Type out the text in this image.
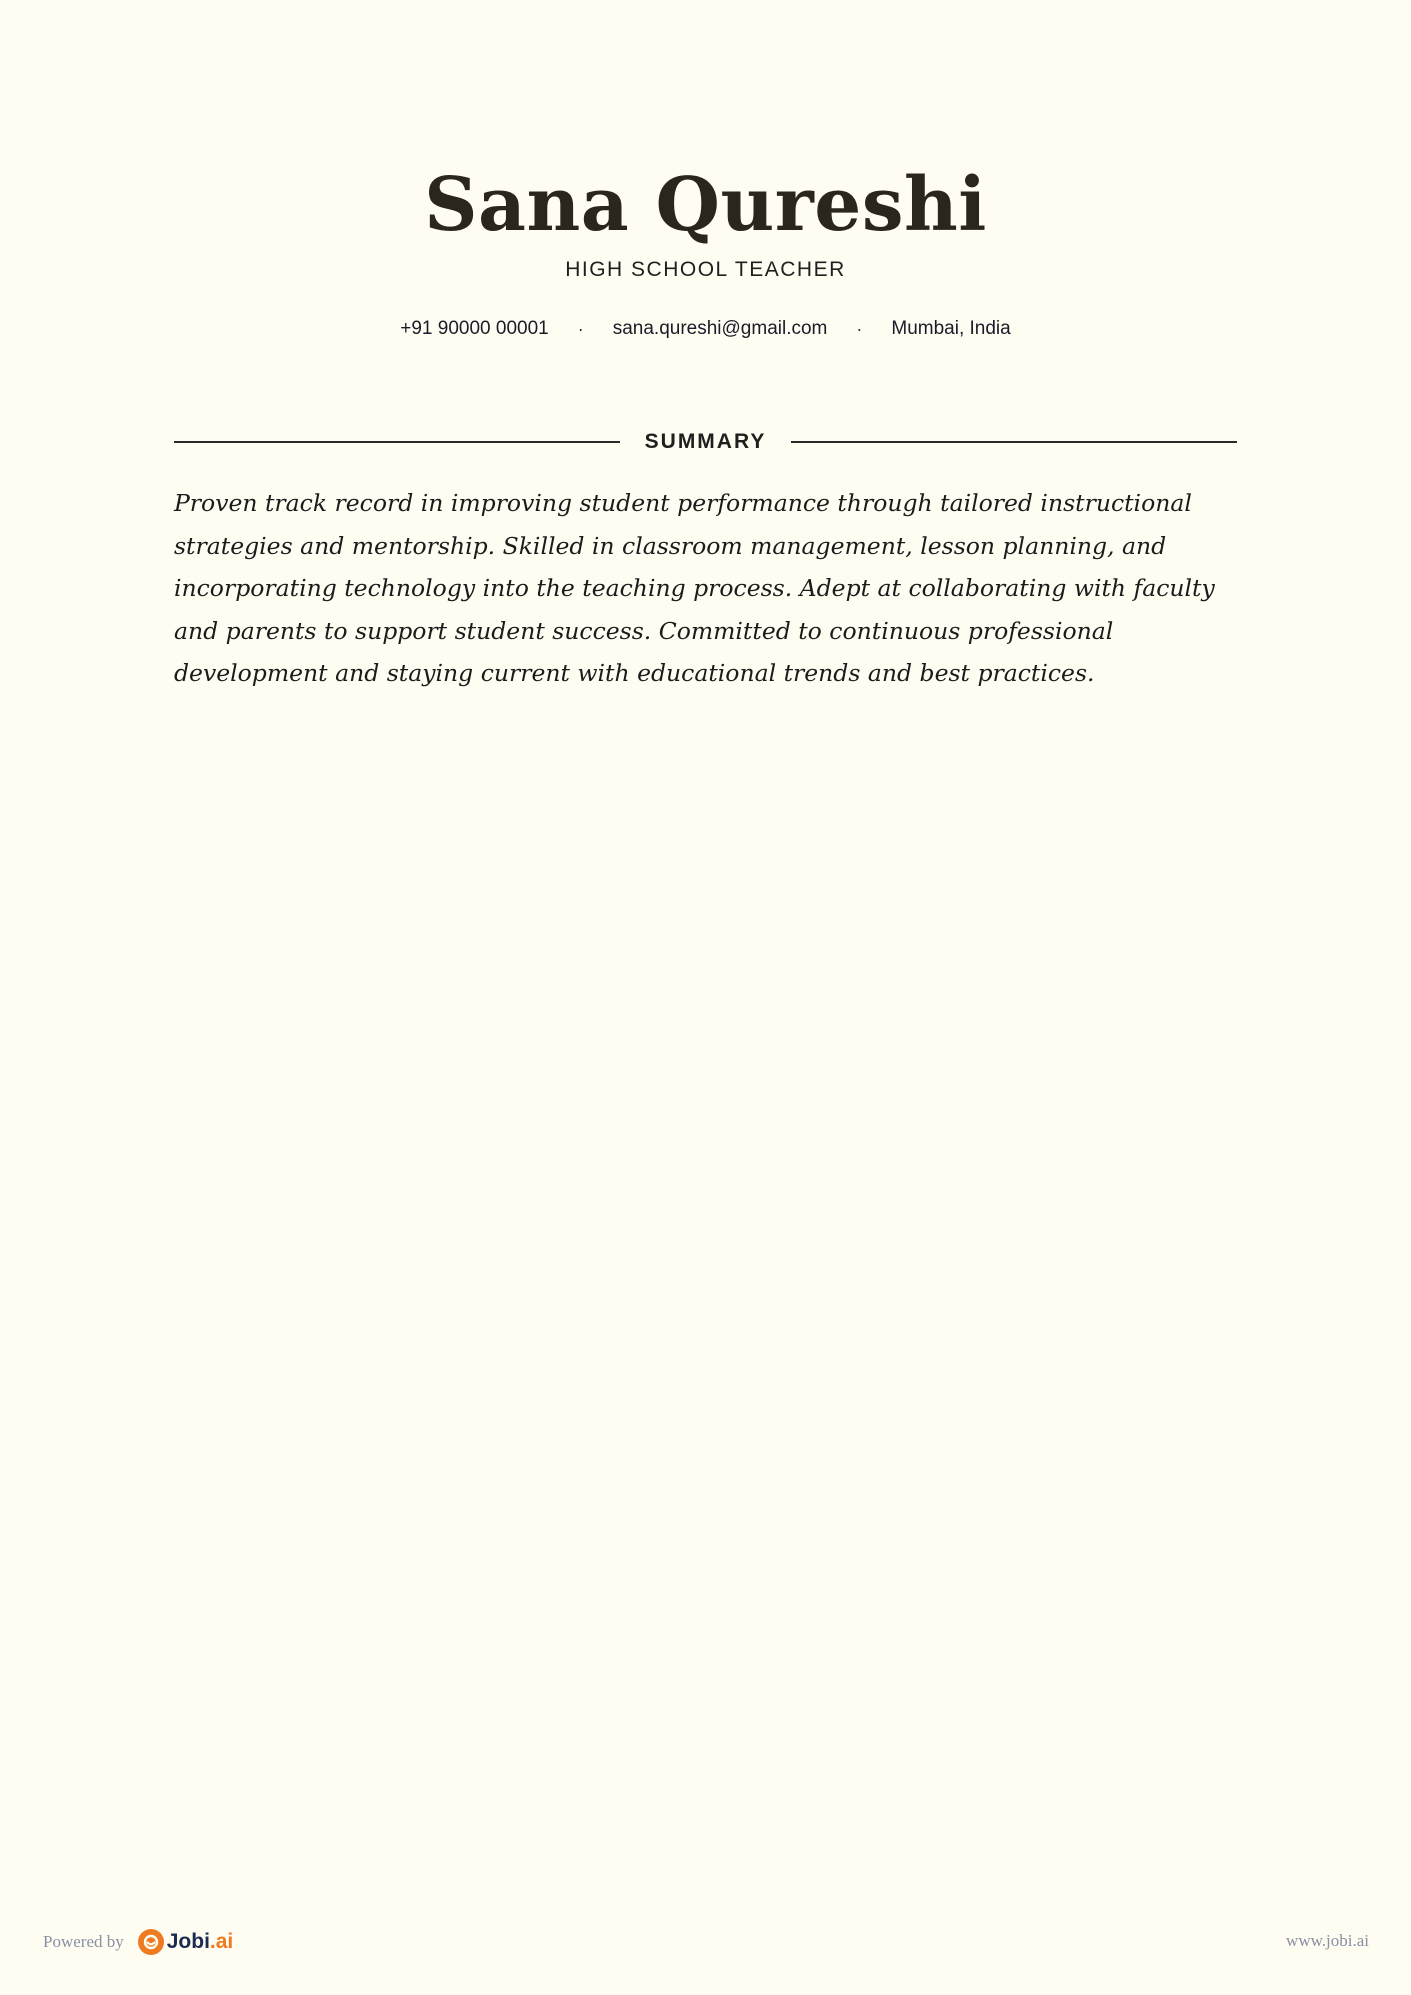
Sana Qureshi
HIGH SCHOOL TEACHER
+91 90000 00001	·	sana.qureshi@gmail.com	·	Mumbai, India
SUMMARY

Proven track record in improving student performance through tailored instructional strategies and mentorship. Skilled in classroom management, lesson planning, and incorporating technology into the teaching process. Adept at collaborating with faculty and parents to support student success. Committed to continuous professional development and staying current with educational trends and best practices.

Powered by Jobi.ai	www.jobi.ai
